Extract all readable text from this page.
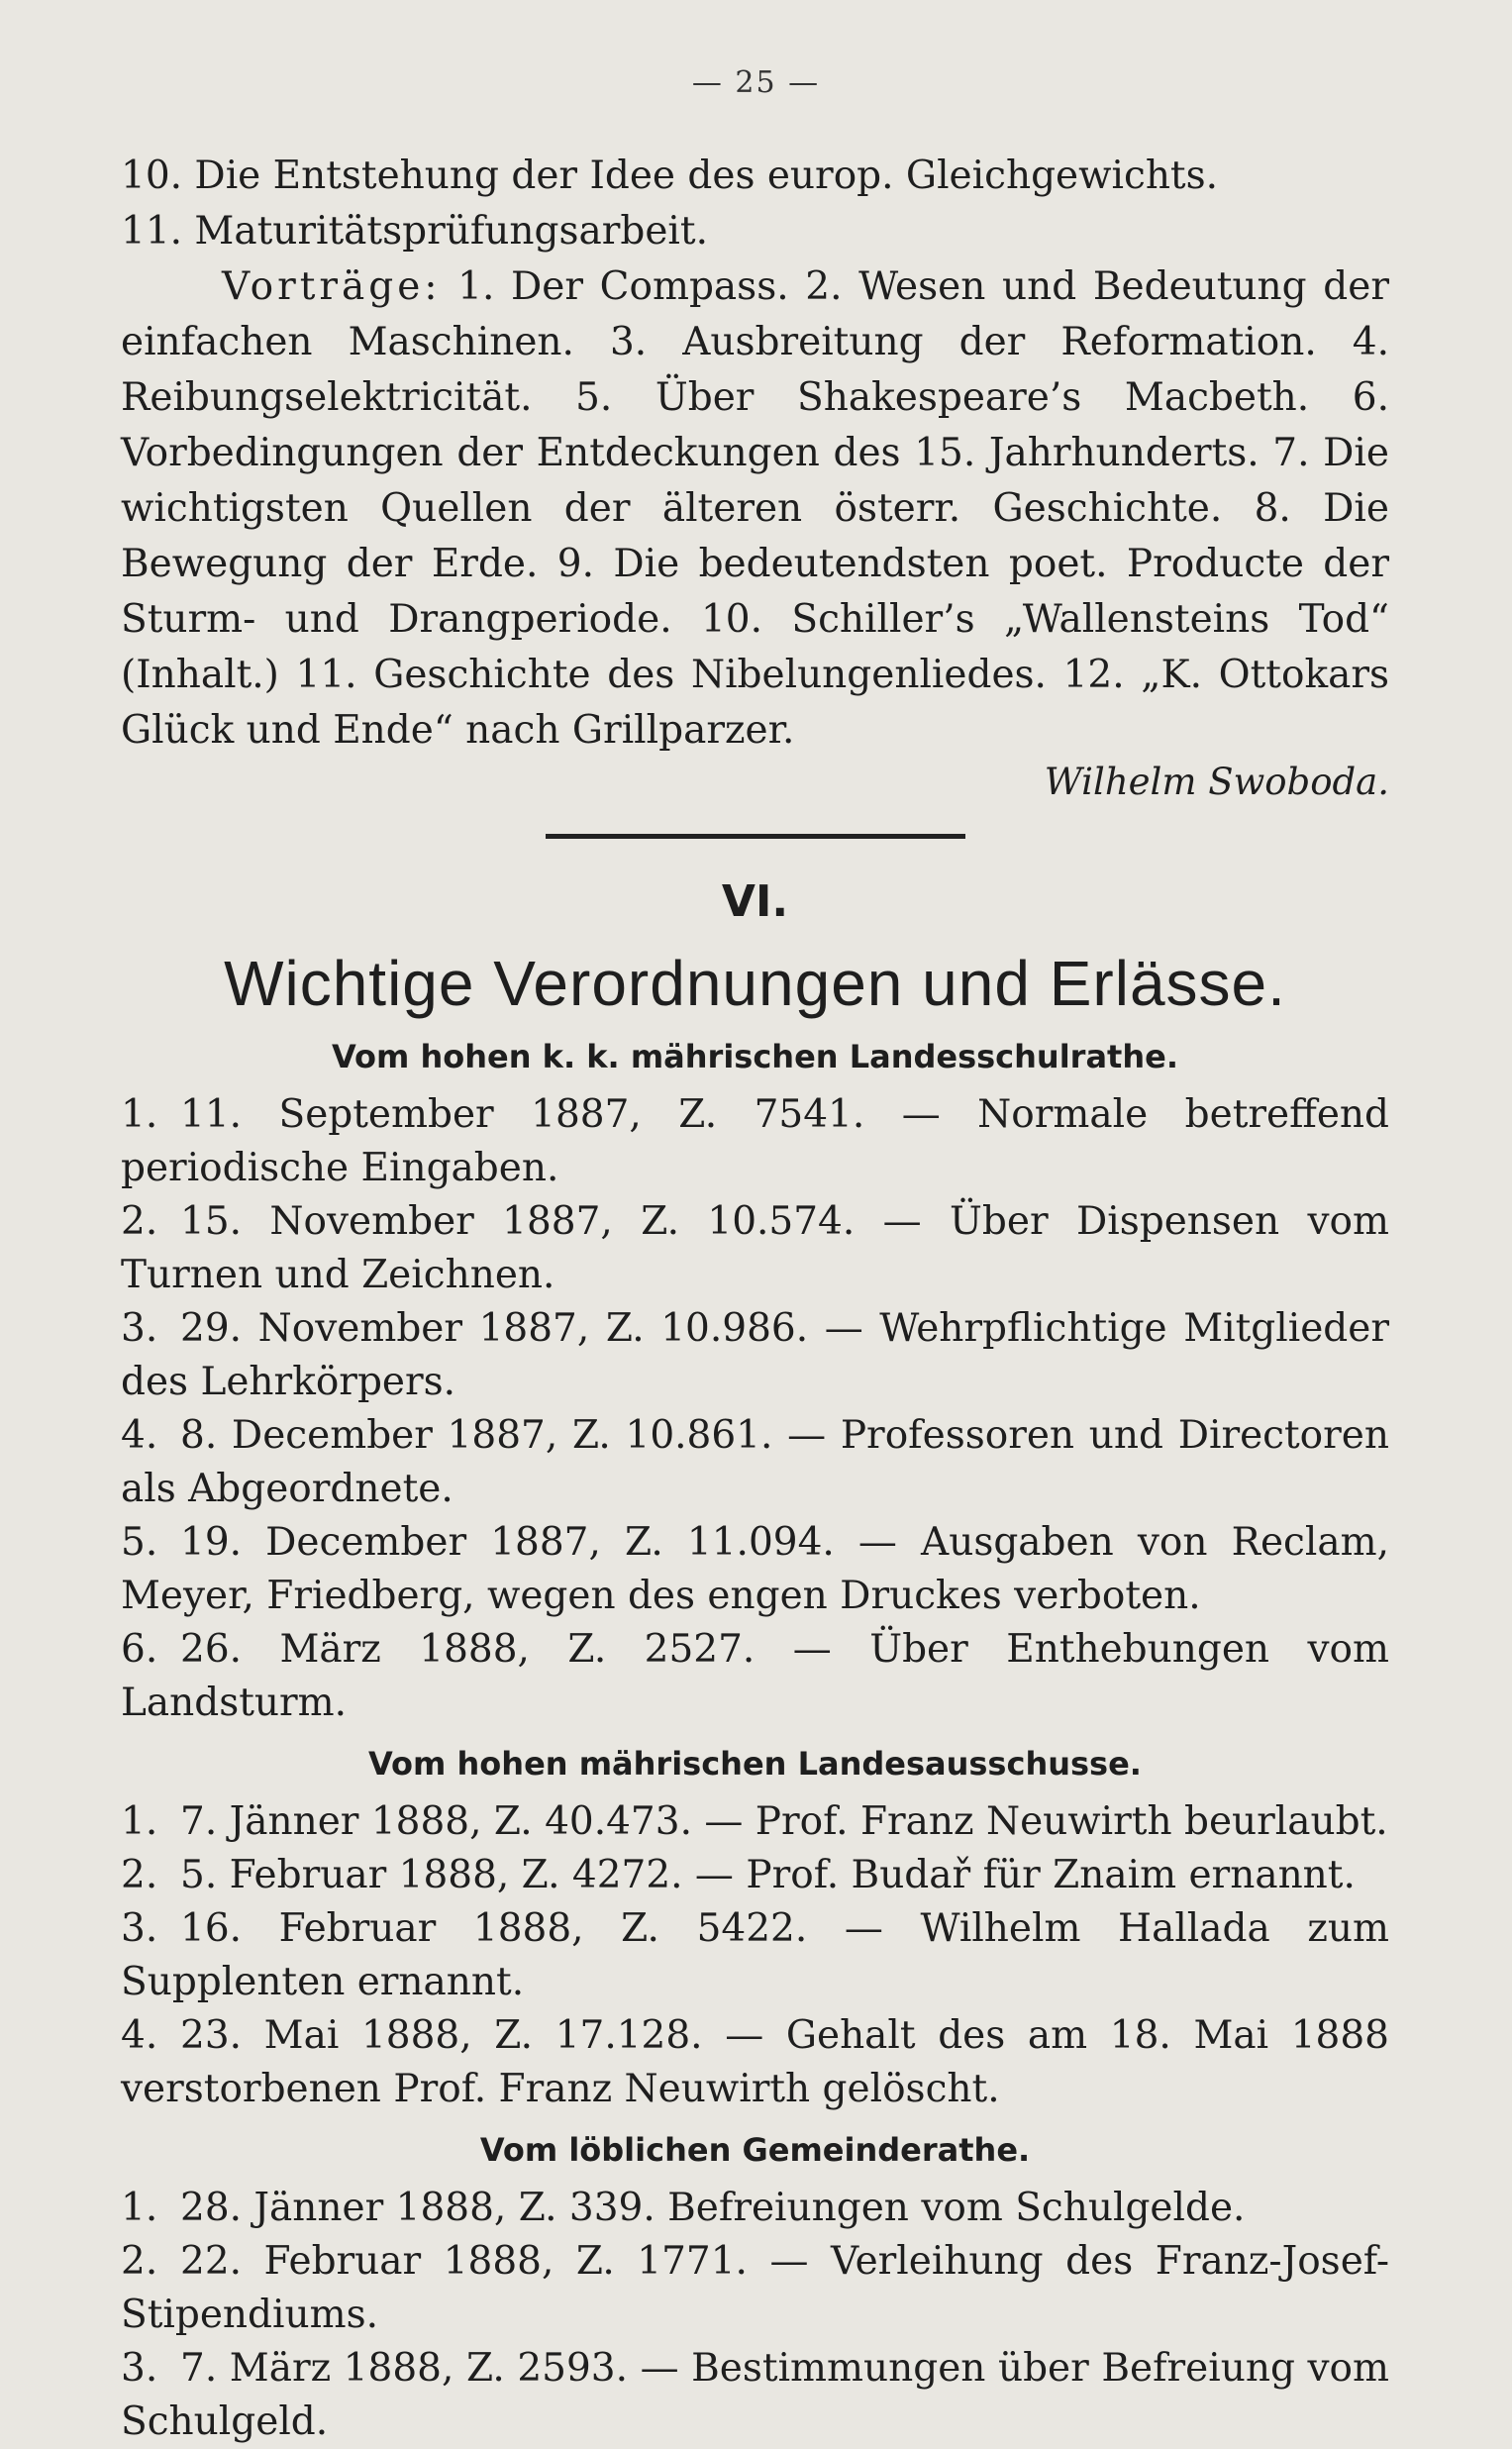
— 25 —

10. Die Entstehung der Idee des europ. Gleichgewichts.

11. Maturitätsprüfungsarbeit.

Vorträge: 1. Der Compass. 2. Wesen und Bedeutung der einfachen Maschinen. 3. Ausbreitung der Reformation. 4. Reibungselektricität. 5. Über Shakespeare’s Macbeth. 6. Vorbedingungen der Entdeckungen des 15. Jahrhunderts. 7. Die wichtigsten Quellen der älteren österr. Geschichte. 8. Die Bewegung der Erde. 9. Die bedeutendsten poet. Producte der Sturm- und Drangperiode. 10. Schiller’s „Wallensteins Tod“ (Inhalt.) 11. Geschichte des Nibelungenliedes. 12. „K. Ottokars Glück und Ende“ nach Grillparzer.

Wilhelm Swoboda.
VI.
Wichtige Verordnungen und Erlässe.
Vom hohen k. k. mährischen Landesschulrathe.
1. 11. September 1887, Z. 7541. — Normale betreffend periodische Eingaben.
2. 15. November 1887, Z. 10.574. — Über Dispensen vom Turnen und Zeichnen.
3. 29. November 1887, Z. 10.986. — Wehrpflichtige Mitglieder des Lehrkörpers.
4. 8. December 1887, Z. 10.861. — Professoren und Directoren als Abgeordnete.
5. 19. December 1887, Z. 11.094. — Ausgaben von Reclam, Meyer, Friedberg, wegen des engen Druckes verboten.
6. 26. März 1888, Z. 2527. — Über Enthebungen vom Landsturm.
Vom hohen mährischen Landesausschusse.
1. 7. Jänner 1888, Z. 40.473. — Prof. Franz Neuwirth beurlaubt.
2. 5. Februar 1888, Z. 4272. — Prof. Budař für Znaim ernannt.
3. 16. Februar 1888, Z. 5422. — Wilhelm Hallada zum Supplenten ernannt.
4. 23. Mai 1888, Z. 17.128. — Gehalt des am 18. Mai 1888 verstorbenen Prof. Franz Neuwirth gelöscht.
Vom löblichen Gemeinderathe.
1. 28. Jänner 1888, Z. 339. Befreiungen vom Schulgelde.
2. 22. Februar 1888, Z. 1771. — Verleihung des Franz-Josef-Stipendiums.
3. 7. März 1888, Z. 2593. — Bestimmungen über Befreiung vom Schulgeld.
